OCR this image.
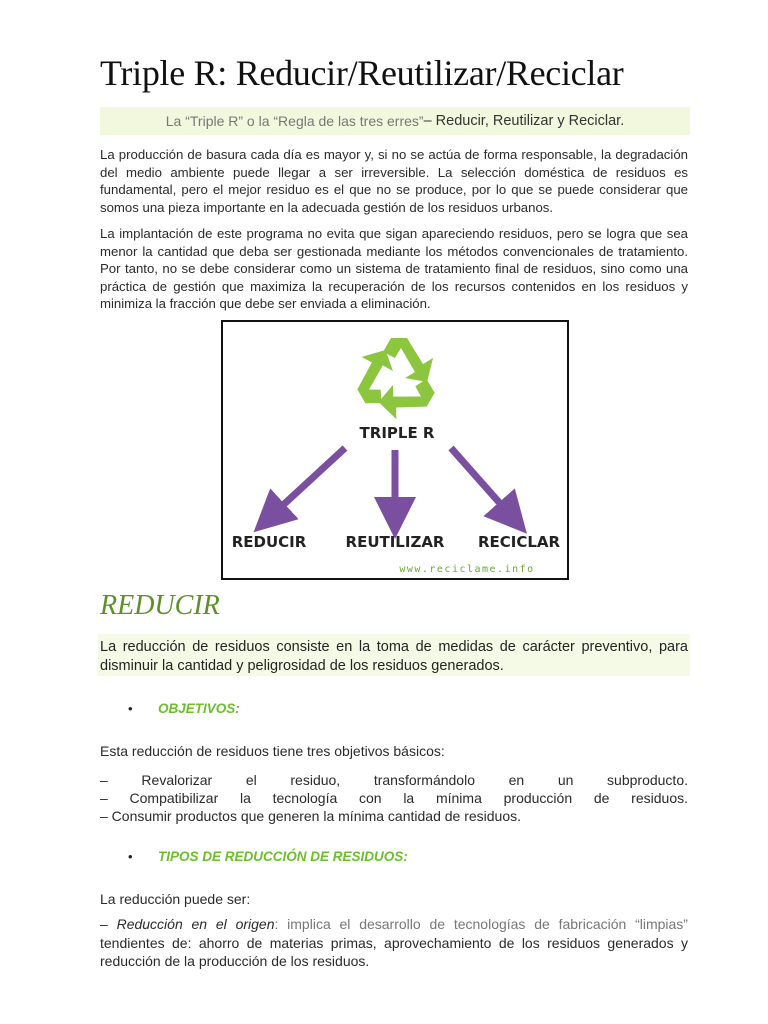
Triple R: Reducir/Reutilizar/Reciclar
La “Triple R” o la “Regla de las tres erres” – Reducir, Reutilizar y Reciclar.

La producción de basura cada día es mayor y, si no se actúa de forma responsable, la degradación del medio ambiente puede llegar a ser irreversible. La selección doméstica de residuos es fundamental, pero el mejor residuo es el que no se produce, por lo que se puede considerar que somos una pieza importante en la adecuada gestión de los residuos urbanos.

La implantación de este programa no evita que sigan apareciendo residuos, pero se logra que sea menor la cantidad que deba ser gestionada mediante los métodos convencionales de tratamiento. Por tanto, no se debe considerar como un sistema de tratamiento final de residuos, sino como una práctica de gestión que maximiza la recuperación de los recursos contenidos en los residuos y minimiza la fracción que debe ser enviada a eliminación.

TRIPLE R
REDUCIR	REUTILIZAR RECICLAR
www.reciclame.info
REDUCIR

La reducción de residuos consiste en la toma de medidas de carácter preventivo, para disminuir la cantidad y peligrosidad de los residuos generados.

•	OBJETIVOS:

Esta reducción de residuos tiene tres objetivos básicos:

– Revalorizar el residuo, transformándolo en un subproducto.
– Compatibilizar la tecnología con la mínima producción de residuos.
– Consumir productos que generen la mínima cantidad de residuos.
•	TIPOS DE REDUCCIÓN DE RESIDUOS:

La reducción puede ser:

– Reducción en el origen: implica el desarrollo de tecnologías de fabricación “limpias” tendientes de: ahorro de materias primas, aprovechamiento de los residuos generados y reducción de la producción de los residuos.
